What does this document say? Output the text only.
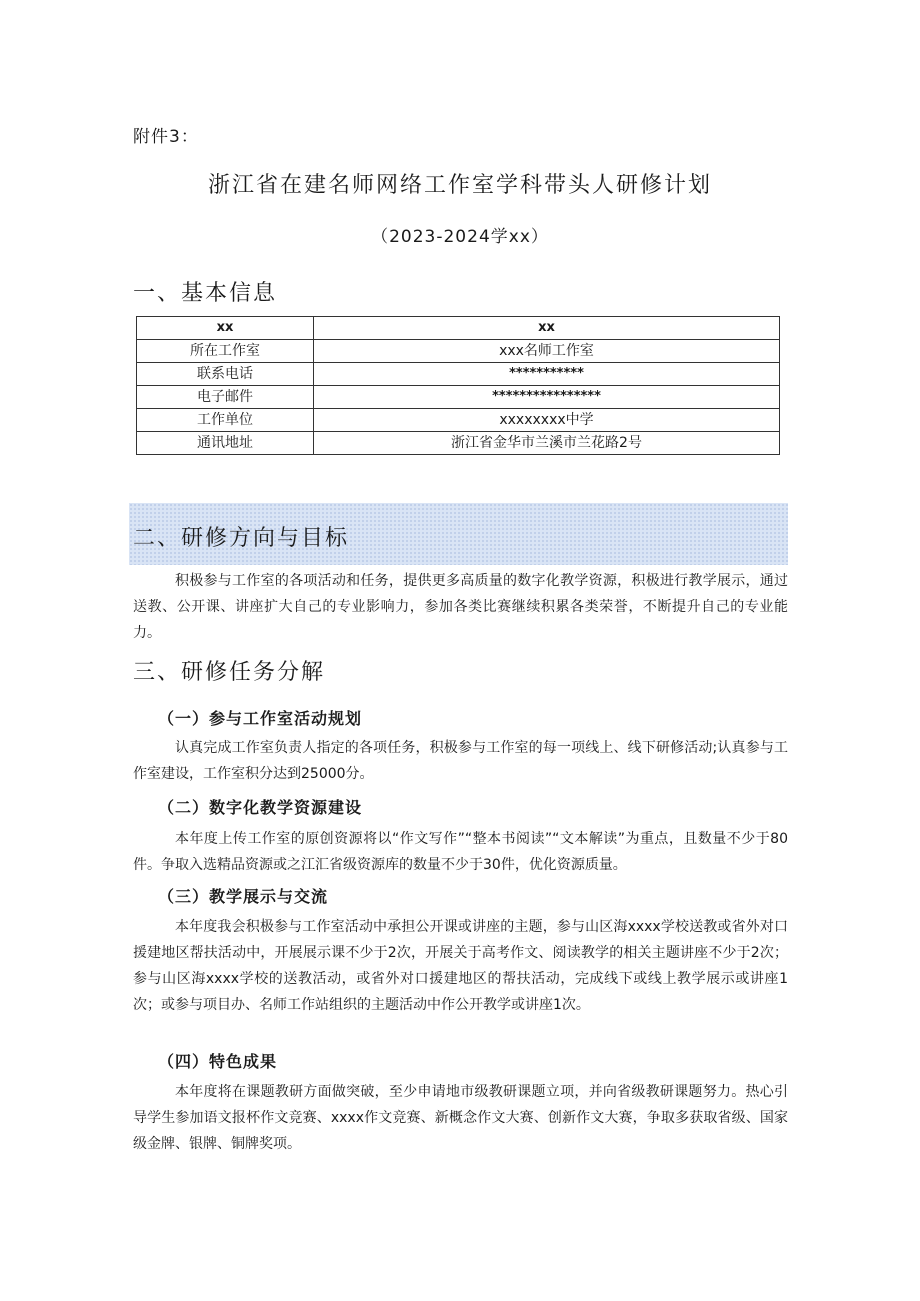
附件3：
浙江省在建名师网络工作室学科带头人研修计划
（2023-2024学xx）
一、基本信息
xx	xx
所在工作室	xxx名师工作室
联系电话	***********
电子邮件	****************
工作单位	xxxxxxxx中学
通讯地址	浙江省金华市兰溪市兰花路2号
二、研修方向与目标
积极参与工作室的各项活动和任务，提供更多高质量的数字化教学资源，积极进行教学展示，通过送教、公开课、讲座扩大自己的专业影响力，参加各类比赛继续积累各类荣誉，不断提升自己的专业能力。
三、研修任务分解
（一）参与工作室活动规划
认真完成工作室负责人指定的各项任务，积极参与工作室的每一项线上、线下研修活动;认真参与工作室建设，工作室积分达到25000分。
（二）数字化教学资源建设
本年度上传工作室的原创资源将以“作文写作”“整本书阅读”“文本解读”为重点，且数量不少于80件。争取入选精品资源或之江汇省级资源库的数量不少于30件，优化资源质量。
（三）教学展示与交流
本年度我会积极参与工作室活动中承担公开课或讲座的主题，参与山区海xxxx学校送教或省外对口援建地区帮扶活动中，开展展示课不少于2次，开展关于高考作文、阅读教学的相关主题讲座不少于2次；参与山区海xxxx学校的送教活动，或省外对口援建地区的帮扶活动，完成线下或线上教学展示或讲座1次；或参与项目办、名师工作站组织的主题活动中作公开教学或讲座1次。
（四）特色成果
本年度将在课题教研方面做突破，至少申请地市级教研课题立项，并向省级教研课题努力。热心引导学生参加语文报杯作文竞赛、xxxx作文竞赛、新概念作文大赛、创新作文大赛，争取多获取省级、国家级金牌、银牌、铜牌奖项。
